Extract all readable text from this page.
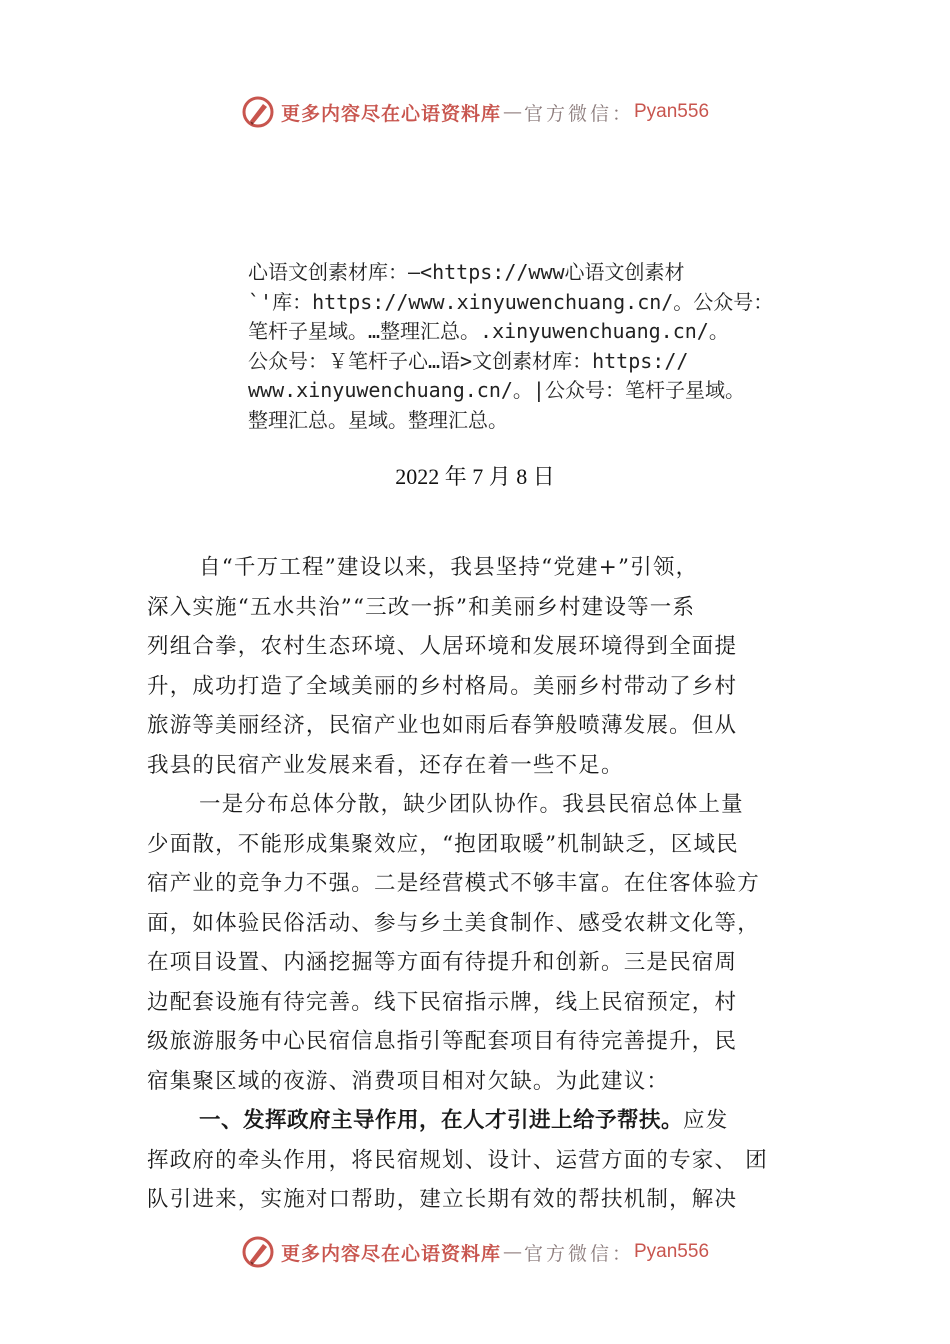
更多内容尽在心语资料库 — 官方微信： Pyan556
心语文创素材库：—<https://www心语文创素材
`'库：https://www.xinyuwenchuang.cn/。公众号：
笔杆子星域。…整理汇总。.xinyuwenchuang.cn/。
公众号：￥笔杆子心…语>文创素材库：https://
www.xinyuwenchuang.cn/。|公众号：笔杆子星域。
整理汇总。星域。整理汇总。
2022 年 7 月 8 日
自“千万工程”建设以来，我县坚持“党建+”引领，
深入实施“五水共治”“三改一拆”和美丽乡村建设等一系
列组合拳，农村生态环境、人居环境和发展环境得到全面提
升，成功打造了全域美丽的乡村格局。美丽乡村带动了乡村
旅游等美丽经济，民宿产业也如雨后春笋般喷薄发展。但从
我县的民宿产业发展来看，还存在着一些不足。
一是分布总体分散，缺少团队协作。我县民宿总体上量
少面散，不能形成集聚效应，“抱团取暖”机制缺乏，区域民
宿产业的竞争力不强。二是经营模式不够丰富。在住客体验方
面，如体验民俗活动、参与乡土美食制作、感受农耕文化等，
在项目设置、内涵挖掘等方面有待提升和创新。三是民宿周
边配套设施有待完善。线下民宿指示牌，线上民宿预定，村
级旅游服务中心民宿信息指引等配套项目有待完善提升，民
宿集聚区域的夜游、消费项目相对欠缺。为此建议：
一、发挥政府主导作用，在人才引进上给予帮扶。应发
挥政府的牵头作用，将民宿规划、设计、运营方面的专家、 团
队引进来，实施对口帮助，建立长期有效的帮扶机制，解决
更多内容尽在心语资料库 — 官方微信： Pyan556
